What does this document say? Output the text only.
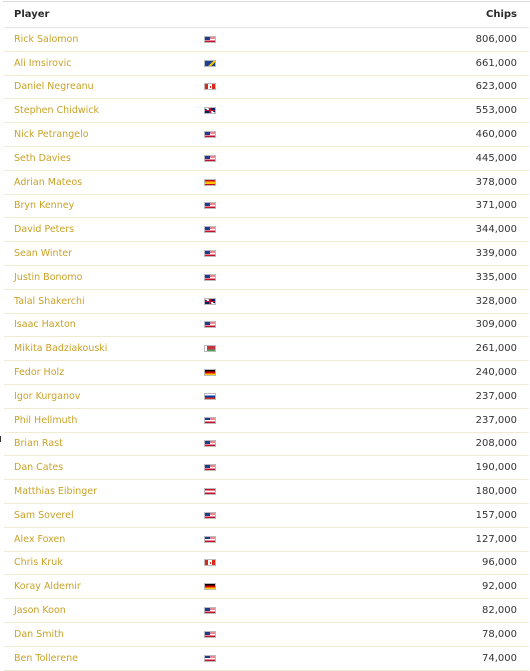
Player	Chips
Rick Salomon	806,000
Ali Imsirovic	661,000
Daniel Negreanu	623,000
Stephen Chidwick	553,000
Nick Petrangelo	460,000
Seth Davies	445,000
Adrian Mateos	378,000
Bryn Kenney	371,000
David Peters	344,000
Sean Winter	339,000
Justin Bonomo	335,000
Talal Shakerchi	328,000
Isaac Haxton	309,000
Mikita Badziakouski	261,000
Fedor Holz	240,000
Igor Kurganov	237,000
Phil Hellmuth	237,000
Brian Rast	208,000
Dan Cates	190,000
Matthias Eibinger	180,000
Sam Soverel	157,000
Alex Foxen	127,000
Chris Kruk	96,000
Koray Aldemir	92,000
Jason Koon	82,000
Dan Smith	78,000
Ben Tollerene	74,000
